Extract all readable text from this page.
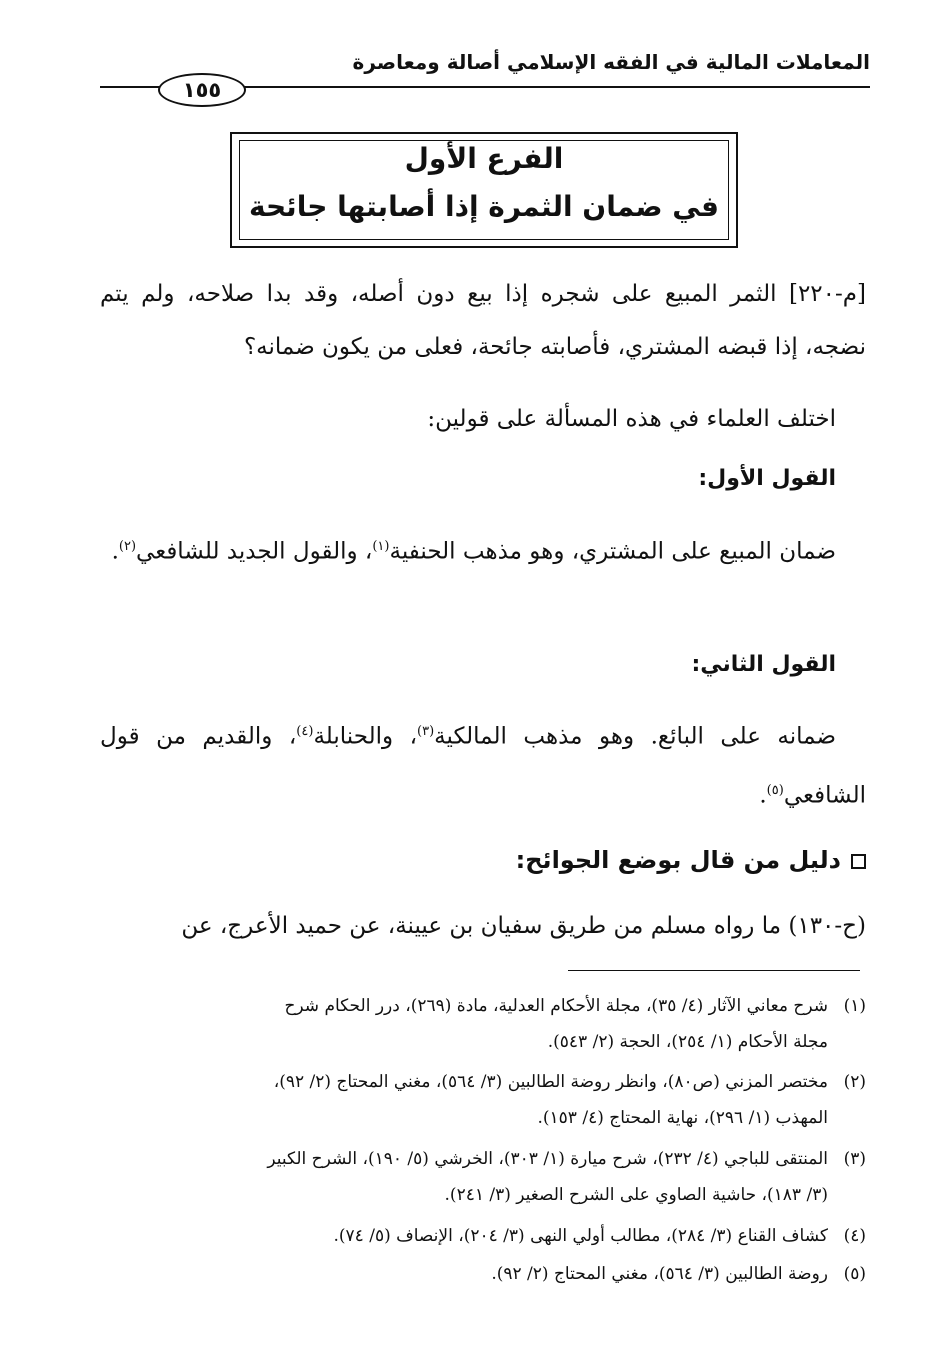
المعاملات المالية في الفقه الإسلامي أصالة ومعاصرة
١٥٥
الفرع الأول
في ضمان الثمرة إذا أصابتها جائحة
[م-٢٢٠] الثمر المبيع على شجره إذا بيع دون أصله، وقد بدا صلاحه، ولم يتم نضجه، إذا قبضه المشتري، فأصابته جائحة، فعلى من يكون ضمانه؟
اختلف العلماء في هذه المسألة على قولين:
القول الأول:
ضمان المبيع على المشتري، وهو مذهب الحنفية$^{(١)}$، والقول الجديد للشافعي$^{(٢)}$.
القول الثاني:
ضمانه على البائع. وهو مذهب المالكية$^{(٣)}$، والحنابلة$^{(٤)}$، والقديم من قول الشافعي$^{(٥)}$.
دليل من قال بوضع الجوائح:
(ح-١٣٠) ما رواه مسلم من طريق سفيان بن عيينة، عن حميد الأعرج، عن
(١)شرح معاني الآثار (٤/ ٣٥)، مجلة الأحكام العدلية، مادة (٢٦٩)، درر الحكام شرح
مجلة الأحكام (١/ ٢٥٤)، الحجة (٢/ ٥٤٣).
(٢)مختصر المزني (ص٨٠)، وانظر روضة الطالبين (٣/ ٥٦٤)، مغني المحتاج (٢/ ٩٢)،
المهذب (١/ ٢٩٦)، نهاية المحتاج (٤/ ١٥٣).
(٣)المنتقى للباجي (٤/ ٢٣٢)، شرح ميارة (١/ ٣٠٣)، الخرشي (٥/ ١٩٠)، الشرح الكبير
(٣/ ١٨٣)، حاشية الصاوي على الشرح الصغير (٣/ ٢٤١).
(٤)كشاف القناع (٣/ ٢٨٤)، مطالب أولي النهى (٣/ ٢٠٤)، الإنصاف (٥/ ٧٤).
(٥)روضة الطالبين (٣/ ٥٦٤)، مغني المحتاج (٢/ ٩٢).
